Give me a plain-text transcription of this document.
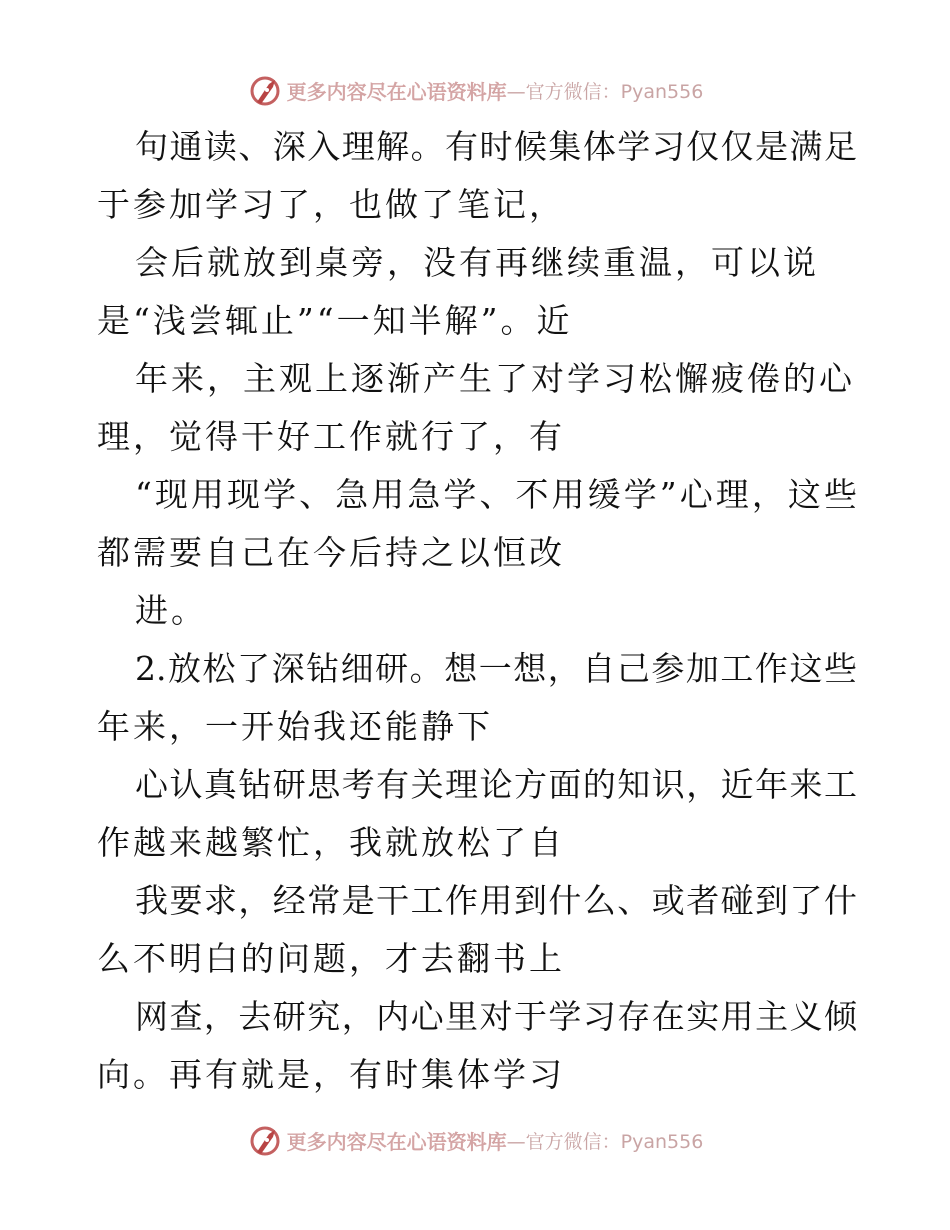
更多内容尽在心语资料库 —官方微信：Pyan556
句通读、深入理解。有时候集体学习仅仅是满足
于参加学习了，也做了笔记，
会后就放到桌旁，没有再继续重温，可以说
是“浅尝辄止”“一知半解”。近
年来，主观上逐渐产生了对学习松懈疲倦的心
理，觉得干好工作就行了，有
“现用现学、急用急学、不用缓学”心理，这些
都需要自己在今后持之以恒改
进。
2.放松了深钻细研。想一想，自己参加工作这些
年来，一开始我还能静下
心认真钻研思考有关理论方面的知识，近年来工
作越来越繁忙，我就放松了自
我要求，经常是干工作用到什么、或者碰到了什
么不明白的问题，才去翻书上
网查，去研究，内心里对于学习存在实用主义倾
向。再有就是，有时集体学习
更多内容尽在心语资料库 —官方微信：Pyan556
